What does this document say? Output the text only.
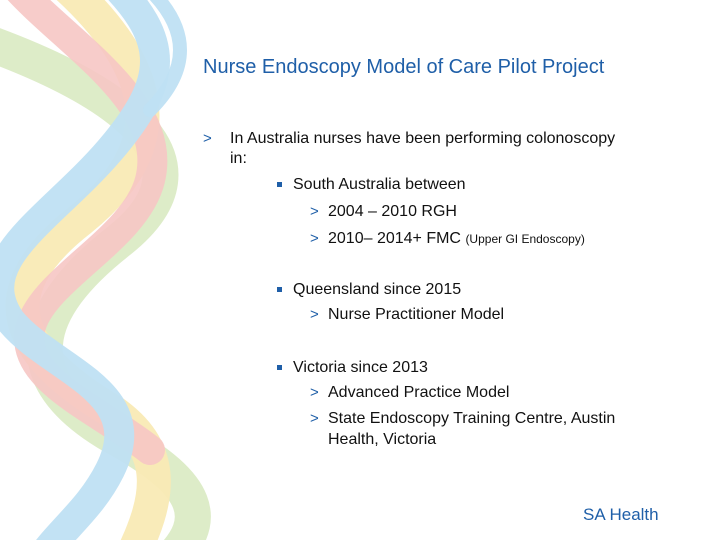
Nurse Endoscopy Model of Care Pilot Project
> In Australia nurses have been performing colonoscopy
in:
South Australia between
> 2004 – 2010 RGH
> 2010– 2014+ FMC (Upper GI Endoscopy)
Queensland since 2015
> Nurse Practitioner Model
Victoria since 2013
> Advanced Practice Model
> State Endoscopy Training Centre, Austin
Health, Victoria
SA Health
